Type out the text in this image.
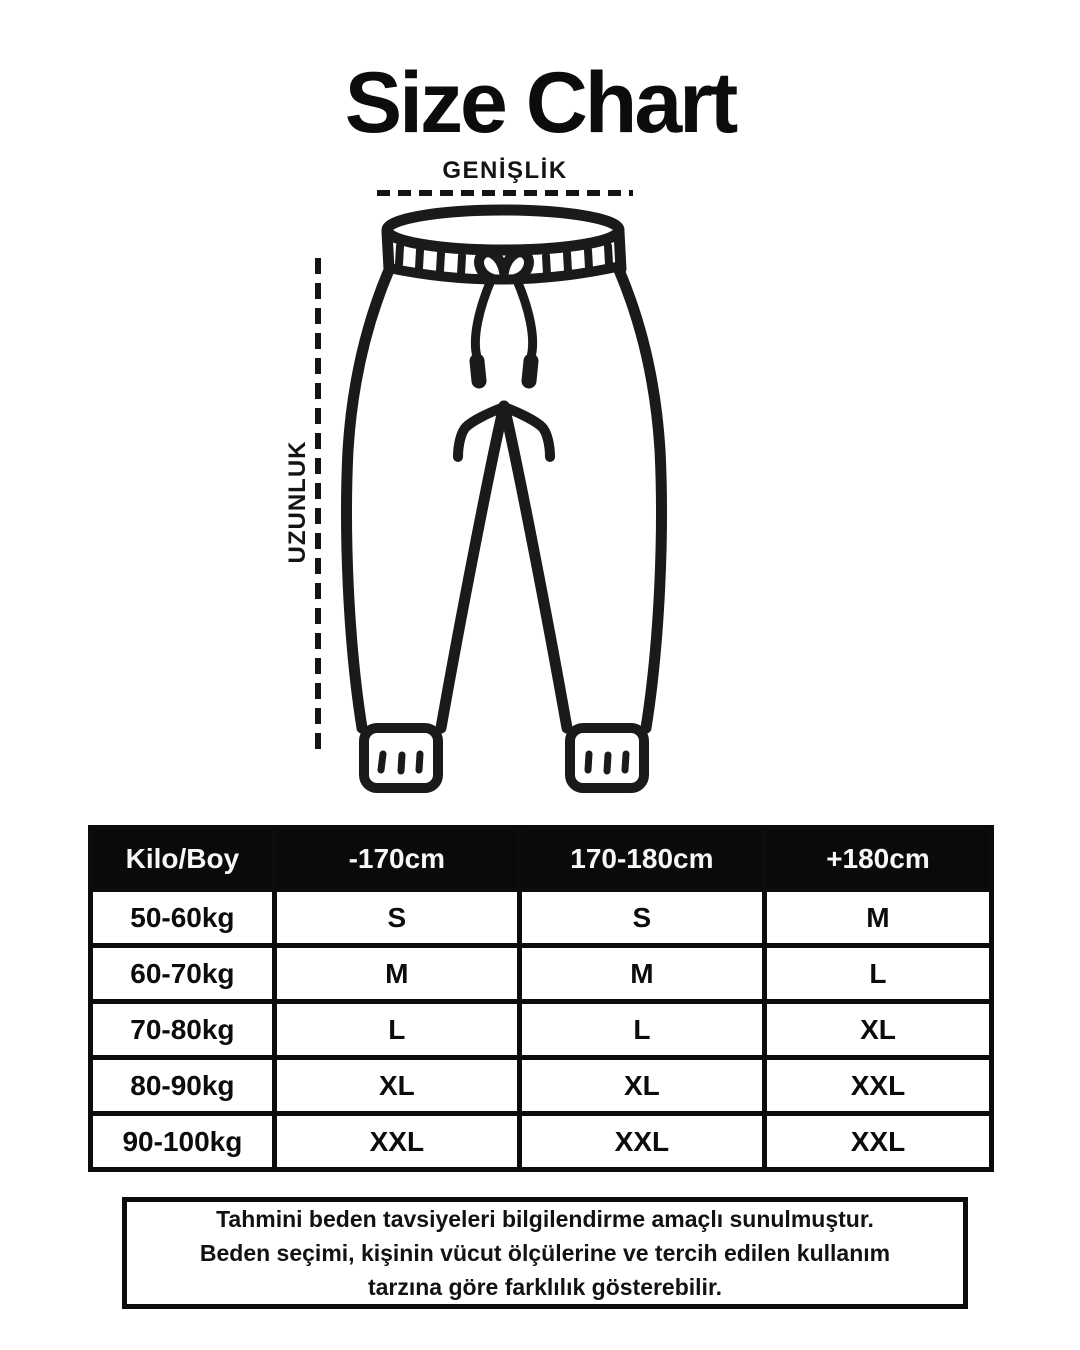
Size Chart
GENİŞLİK
UZUNLUK
Kilo/Boy	-170cm	170-180cm	+180cm
50-60kg	S	S	M
60-70kg	M	M	L
70-80kg	L	L	XL
80-90kg	XL	XL	XXL
90-100kg	XXL	XXL	XXL
Tahmini beden tavsiyeleri bilgilendirme amaçlı sunulmuştur.
Beden seçimi, kişinin vücut ölçülerine ve tercih edilen kullanım
tarzına göre farklılık gösterebilir.
